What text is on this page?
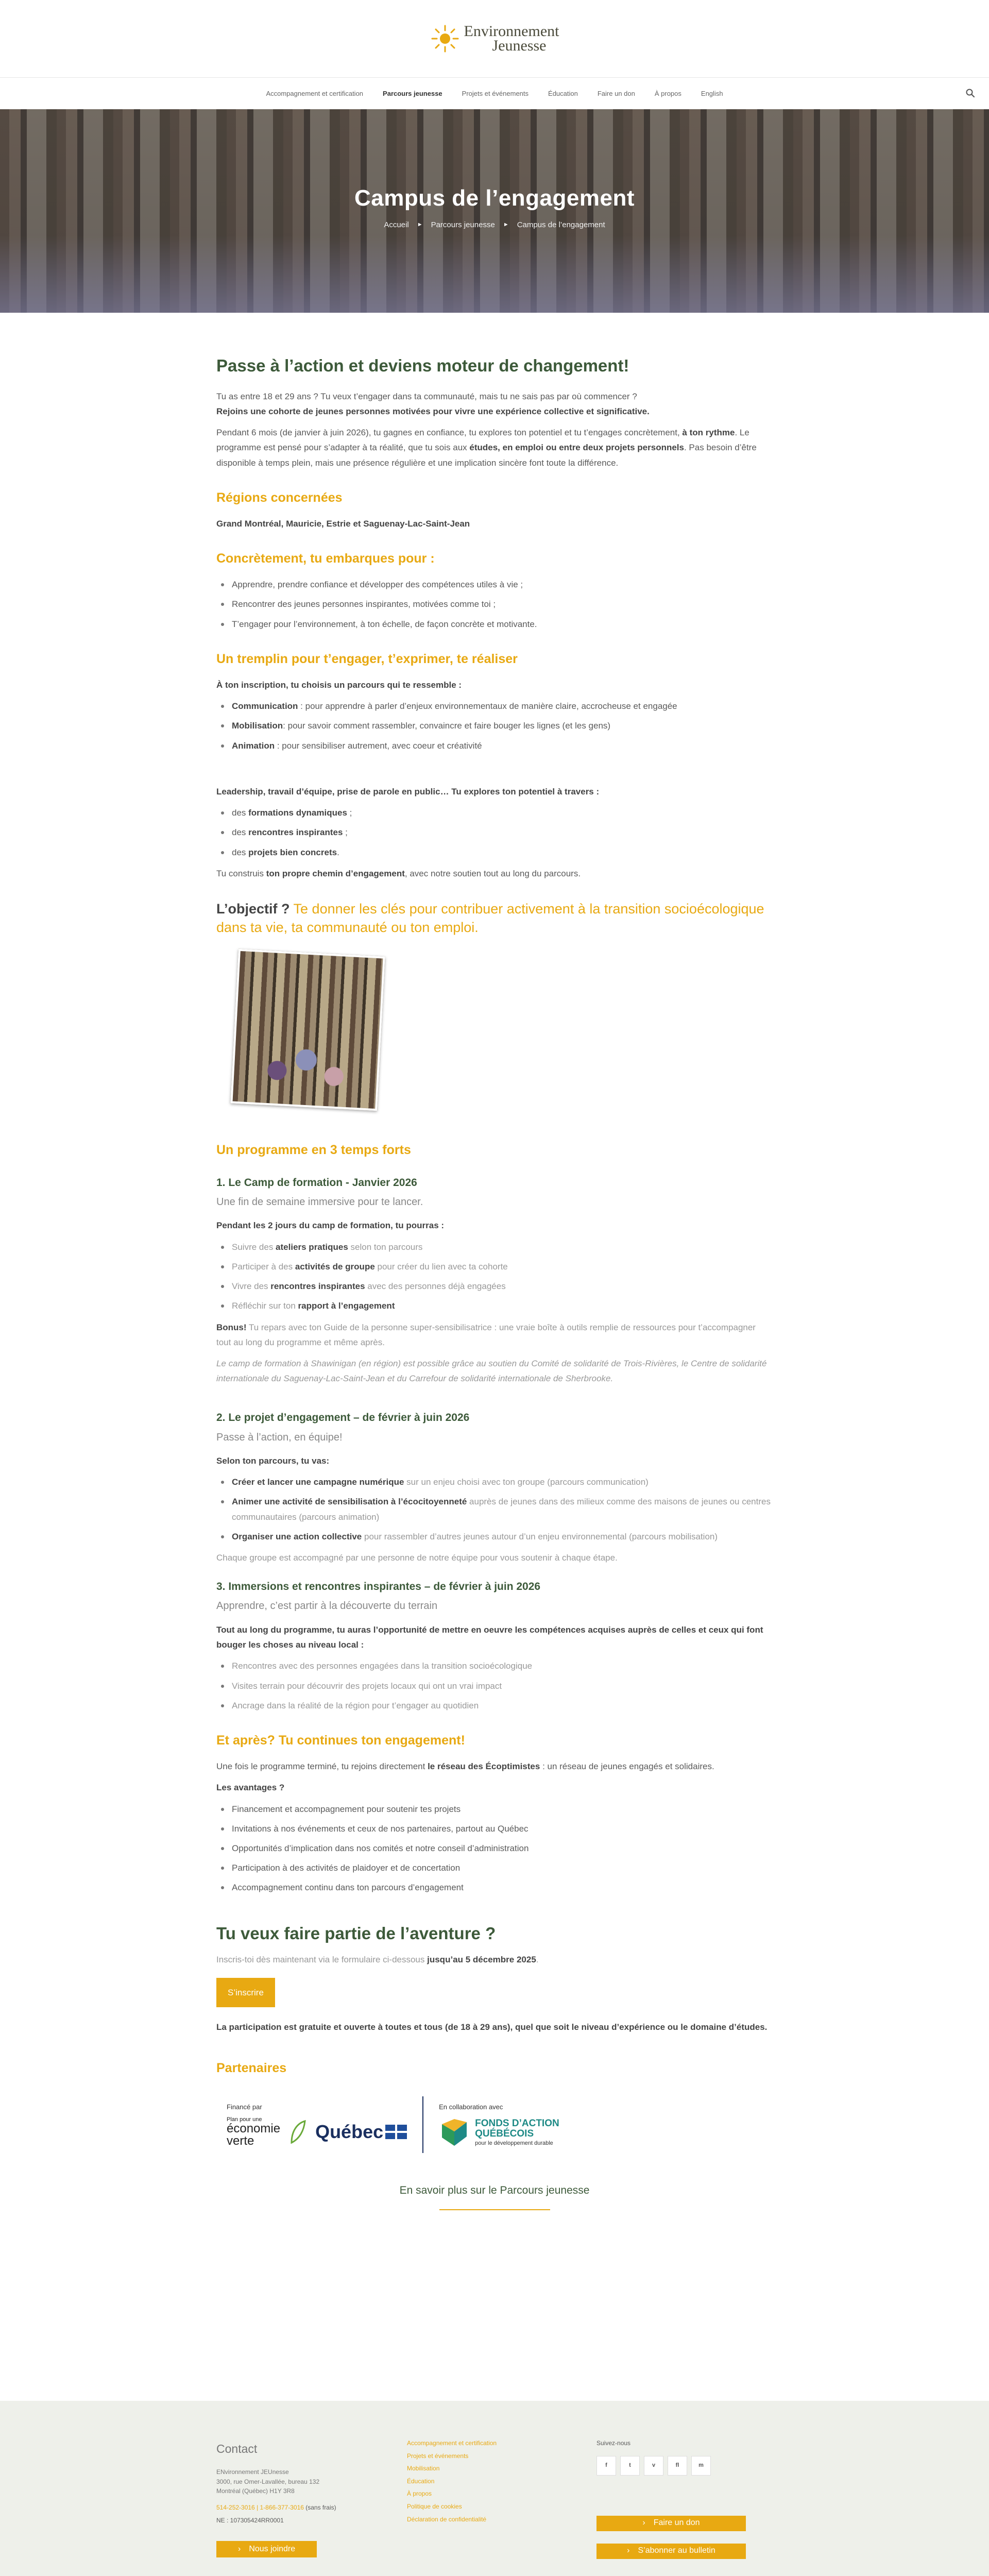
Environnement
Jeunesse
Accompagnement et certification	Parcours jeunesse	Projets et événements	Éducation	Faire un don	À propos	English
Campus de l’engagement
Accueil ► Parcours jeunesse ► Campus de l’engagement
Passe à l’action et deviens moteur de changement!

Tu as entre 18 et 29 ans ? Tu veux t’engager dans ta communauté, mais tu ne sais pas par où commencer ?
Rejoins une cohorte de jeunes personnes motivées pour vivre une expérience collective et significative.

Pendant 6 mois (de janvier à juin 2026), tu gagnes en confiance, tu explores ton potentiel et tu t’engages concrètement, à ton rythme. Le programme est pensé pour s’adapter à ta réalité, que tu sois aux études, en emploi ou entre deux projets personnels. Pas besoin d’être disponible à temps plein, mais une présence régulière et une implication sincère font toute la différence.

Régions concernées

Grand Montréal, Mauricie, Estrie et Saguenay-Lac-Saint-Jean

Concrètement, tu embarques pour :
Apprendre, prendre confiance et développer des compétences utiles à vie ;
Rencontrer des jeunes personnes inspirantes, motivées comme toi ;
T’engager pour l’environnement, à ton échelle, de façon concrète et motivante.
Un tremplin pour t’engager, t’exprimer, te réaliser

À ton inscription, tu choisis un parcours qui te ressemble :

Communication : pour apprendre à parler d’enjeux environnementaux de manière claire, accrocheuse et engagée
Mobilisation: pour savoir comment rassembler, convaincre et faire bouger les lignes (et les gens)
Animation : pour sensibiliser autrement, avec coeur et créativité

Leadership, travail d’équipe, prise de parole en public… Tu explores ton potentiel à travers :

des formations dynamiques ;
des rencontres inspirantes ;
des projets bien concrets.

Tu construis ton propre chemin d’engagement, avec notre soutien tout au long du parcours.

L’objectif ? Te donner les clés pour contribuer activement à la transition socioécologique dans ta vie, ta communauté ou ton emploi.
Un programme en 3 temps forts
1. Le Camp de formation - Janvier 2026
Une fin de semaine immersive pour te lancer.

Pendant les 2 jours du camp de formation, tu pourras :

Suivre des ateliers pratiques selon ton parcours
Participer à des activités de groupe pour créer du lien avec ta cohorte
Vivre des rencontres inspirantes avec des personnes déjà engagées
Réfléchir sur ton rapport à l’engagement

Bonus! Tu repars avec ton Guide de la personne super-sensibilisatrice : une vraie boîte à outils remplie de ressources pour t’accompagner tout au long du programme et même après.

Le camp de formation à Shawinigan (en région) est possible grâce au soutien du Comité de solidarité de Trois-Rivières, le Centre de solidarité internationale du Saguenay-Lac-Saint-Jean et du Carrefour de solidarité internationale de Sherbrooke.

2. Le projet d’engagement – de février à juin 2026
Passe à l’action, en équipe!

Selon ton parcours, tu vas:

Créer et lancer une campagne numérique sur un enjeu choisi avec ton groupe (parcours communication)
Animer une activité de sensibilisation à l’écocitoyenneté auprès de jeunes dans des milieux comme des maisons de jeunes ou centres communautaires (parcours animation)
Organiser une action collective pour rassembler d’autres jeunes autour d’un enjeu environnemental (parcours mobilisation)

Chaque groupe est accompagné par une personne de notre équipe pour vous soutenir à chaque étape.

3. Immersions et rencontres inspirantes – de février à juin 2026
Apprendre, c’est partir à la découverte du terrain

Tout au long du programme, tu auras l’opportunité de mettre en oeuvre les compétences acquises auprès de celles et ceux qui font bouger les choses au niveau local :

Rencontres avec des personnes engagées dans la transition socioécologique
Visites terrain pour découvrir des projets locaux qui ont un vrai impact
Ancrage dans la réalité de la région pour t’engager au quotidien
Et après? Tu continues ton engagement!

Une fois le programme terminé, tu rejoins directement le réseau des Écoptimistes : un réseau de jeunes engagés et solidaires.

Les avantages ?

Financement et accompagnement pour soutenir tes projets
Invitations à nos événements et ceux de nos partenaires, partout au Québec
Opportunités d’implication dans nos comités et notre conseil d’administration
Participation à des activités de plaidoyer et de concertation
Accompagnement continu dans ton parcours d’engagement
Tu veux faire partie de l’aventure ?

Inscris-toi dès maintenant via le formulaire ci-dessous jusqu’au 5 décembre 2025.

S’inscrire

La participation est gratuite et ouverte à toutes et tous (de 18 à 29 ans), quel que soit le niveau d’expérience ou le domaine d’études.

Partenaires
Financé par
Plan pour une
économie
verte	Québec
En collaboration avec
FONDS D’ACTION
QUÉBÉCOIS
pour le développement durable
En savoir plus sur le Parcours jeunesse
Contact
ENvironnement JEUnesse
3000, rue Omer-Lavallée, bureau 132
Montréal (Québec) H1Y 3R8
514-252-3016 | 1-866-377-3016 (sans frais)
NE : 107305424RR0001
› Nous joindre
Accompagnement et certification
Projets et événements
Mobilisation
Éducation
À propos
Politique de cookies
Déclaration de confidentialité
Suivez-nous
f	t	v	fl	m
› Faire un don
› S’abonner au bulletin
